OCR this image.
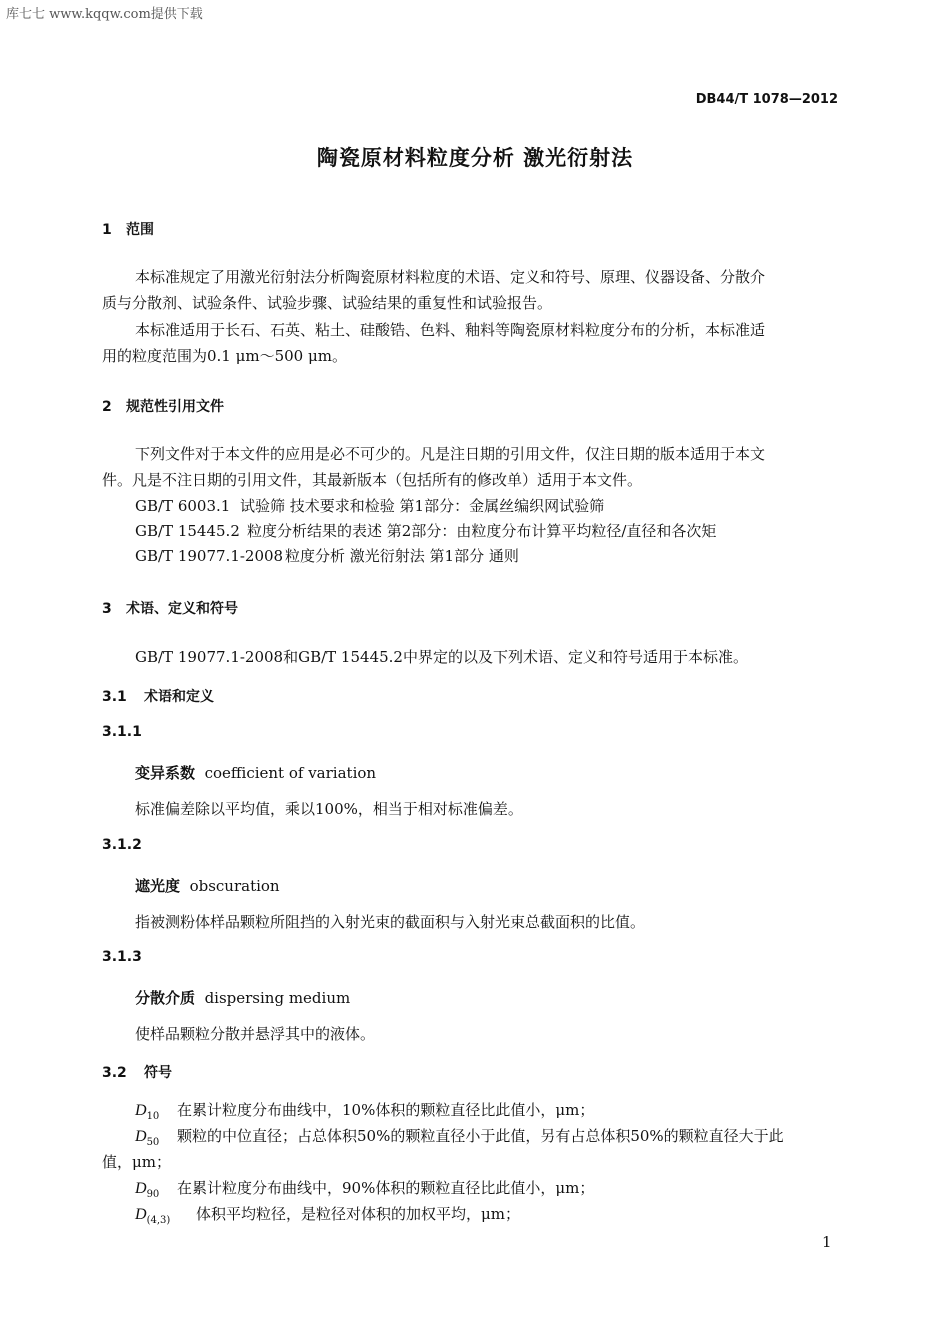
库七七 www.kqqw.com提供下载
DB44/T 1078—2012
陶瓷原材料粒度分析 激光衍射法
1 范围
本标准规定了用激光衍射法分析陶瓷原材料粒度的术语、定义和符号、原理、仪器设备、分散介
质与分散剂、试验条件、试验步骤、试验结果的重复性和试验报告。
本标准适用于长石、石英、粘土、硅酸锆、色料、釉料等陶瓷原材料粒度分布的分析，本标准适
用的粒度范围为0.1 μm～500 μm。
2 规范性引用文件
下列文件对于本文件的应用是必不可少的。凡是注日期的引用文件，仅注日期的版本适用于本文
件。凡是不注日期的引用文件，其最新版本（包括所有的修改单）适用于本文件。
GB/T 6003.1 试验筛 技术要求和检验 第1部分：金属丝编织网试验筛
GB/T 15445.2 粒度分析结果的表述 第2部分：由粒度分布计算平均粒径/直径和各次矩
GB/T 19077.1-2008 粒度分析 激光衍射法 第1部分 通则
3 术语、定义和符号
GB/T 19077.1-2008和GB/T 15445.2中界定的以及下列术语、定义和符号适用于本标准。
3.1 术语和定义
3.1.1
变异系数 coefficient of variation
标准偏差除以平均值，乘以100%，相当于相对标准偏差。
3.1.2
遮光度 obscuration
指被测粉体样品颗粒所阻挡的入射光束的截面积与入射光束总截面积的比值。
3.1.3
分散介质 dispersing medium
使样品颗粒分散并悬浮其中的液体。
3.2 符号
$D_{10}$ 在累计粒度分布曲线中，10%体积的颗粒直径比此值小，μm；
$D_{50}$ 颗粒的中位直径；占总体积50%的颗粒直径小于此值，另有占总体积50%的颗粒直径大于此
值，μm；
$D_{90}$ 在累计粒度分布曲线中，90%体积的颗粒直径比此值小，μm；
$D_{(4,3)}$ 体积平均粒径，是粒径对体积的加权平均，μm；
1
